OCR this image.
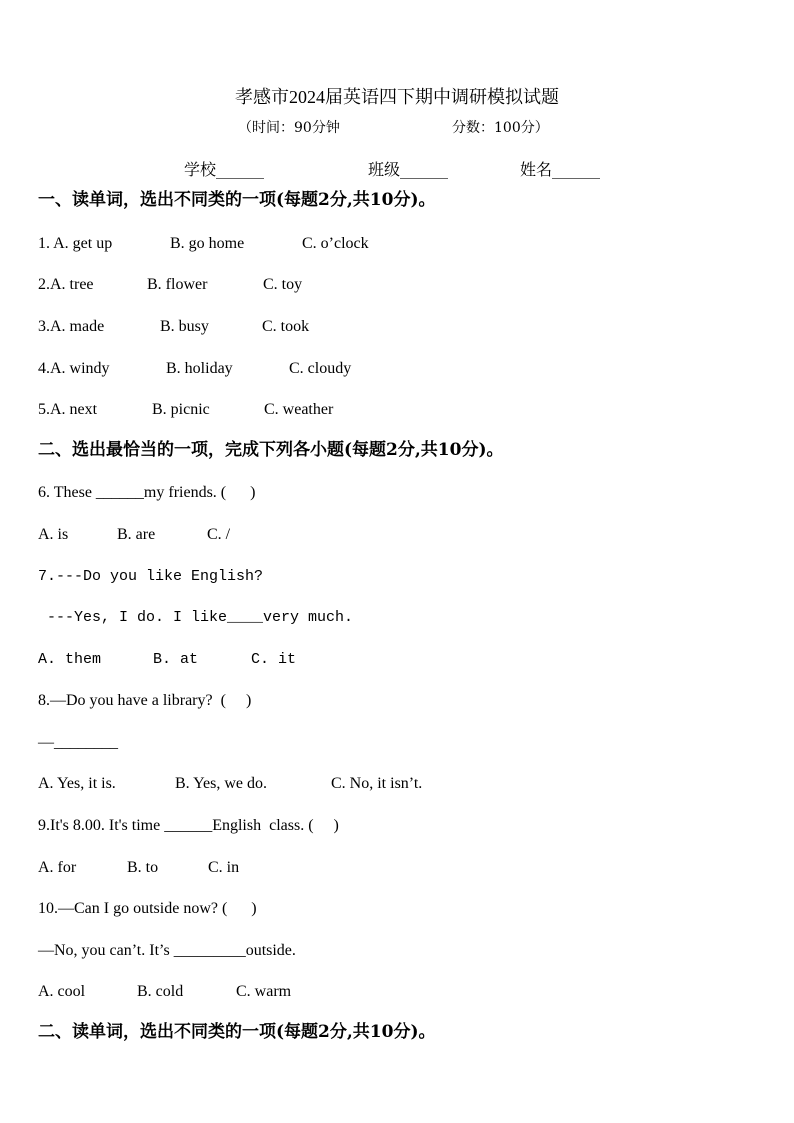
孝感市2024届英语四下期中调研模拟试题
（时间：90分钟	分数：100分）
学校______	班级______	姓名______
一、读单词，选出不同类的一项(每题2分,共10分)。
1. A. get up	B. go home	C. o’clock
2.A. tree	B. flower	C. toy
3.A. made	B. busy	C. took
4.A. windy	B. holiday	C. cloudy
5.A. next	B. picnic	C. weather
二、选出最恰当的一项，完成下列各小题(每题2分,共10分)。
6. These ______my friends. (      )
A. is	B. are	C. /
7.---Do you like English?
---Yes, I do. I like____very much.
A. them	B. at	C. it
8.—Do you have a library?  (     )
—________
A. Yes, it is.	B. Yes, we do.	C. No, it isn’t.
9.It's 8.00. It's time ______English  class. (     )
A. for	B. to	C. in
10.—Can I go outside now? (      )
—No, you can’t. It’s _________outside.
A. cool	B. cold	C. warm
二、读单词，选出不同类的一项(每题2分,共10分)。
